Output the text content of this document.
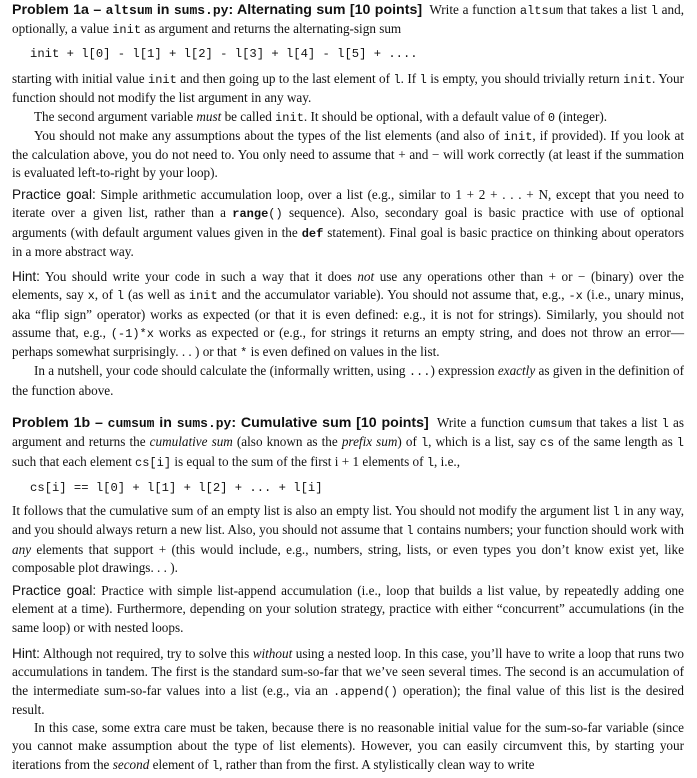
Problem 1a – altsum in sums.py: Alternating sum [10 points] Write a function altsum that takes a list l and, optionally, a value init as argument and returns the alternating-sign sum

init + l[0] - l[1] + l[2] - l[3] + l[4] - l[5] + ....

starting with initial value init and then going up to the last element of l. If l is empty, you should trivially return init. Your function should not modify the list argument in any way.

The second argument variable must be called init. It should be optional, with a default value of 0 (integer).

You should not make any assumptions about the types of the list elements (and also of init, if provided). If you look at the calculation above, you do not need to. You only need to assume that + and − will work correctly (at least if the summation is evaluated left-to-right by your loop).

Practice goal: Simple arithmetic accumulation loop, over a list (e.g., similar to 1 + 2 + . . . + N, except that you need to iterate over a given list, rather than a range() sequence). Also, secondary goal is basic practice with use of optional arguments (with default argument values given in the def statement). Final goal is basic practice on thinking about operators in a more abstract way.

Hint: You should write your code in such a way that it does not use any operations other than + or − (binary) over the elements, say x, of l (as well as init and the accumulator variable). You should not assume that, e.g., -x (i.e., unary minus, aka “flip sign” operator) works as expected (or that it is even defined: e.g., it is not for strings). Similarly, you should not assume that, e.g., (-1)*x works as expected or (e.g., for strings it returns an empty string, and does not throw an error—perhaps somewhat surprisingly. . . ) or that * is even defined on values in the list.

In a nutshell, your code should calculate the (informally written, using ...) expression exactly as given in the definition of the function above.

Problem 1b – cumsum in sums.py: Cumulative sum [10 points] Write a function cumsum that takes a list l as argument and returns the cumulative sum (also known as the prefix sum) of l, which is a list, say cs of the same length as l such that each element cs[i] is equal to the sum of the first i + 1 elements of l, i.e.,

cs[i] == l[0] + l[1] + l[2] + ... + l[i]

It follows that the cumulative sum of an empty list is also an empty list. You should not modify the argument list l in any way, and you should always return a new list. Also, you should not assume that l contains numbers; your function should work with any elements that support + (this would include, e.g., numbers, string, lists, or even types you don’t know exist yet, like composable plot drawings. . . ).

Practice goal: Practice with simple list-append accumulation (i.e., loop that builds a list value, by repeatedly adding one element at a time). Furthermore, depending on your solution strategy, practice with either “concurrent” accumulations (in the same loop) or with nested loops.

Hint: Although not required, try to solve this without using a nested loop. In this case, you’ll have to write a loop that runs two accumulations in tandem. The first is the standard sum-so-far that we’ve seen several times. The second is an accumulation of the intermediate sum-so-far values into a list (e.g., via an .append() operation); the final value of this list is the desired result.

In this case, some extra care must be taken, because there is no reasonable initial value for the sum-so-far variable (since you cannot make assumption about the type of list elements). However, you can easily circumvent this, by starting your iterations from the second element of l, rather than from the first. A stylistically clean way to write
